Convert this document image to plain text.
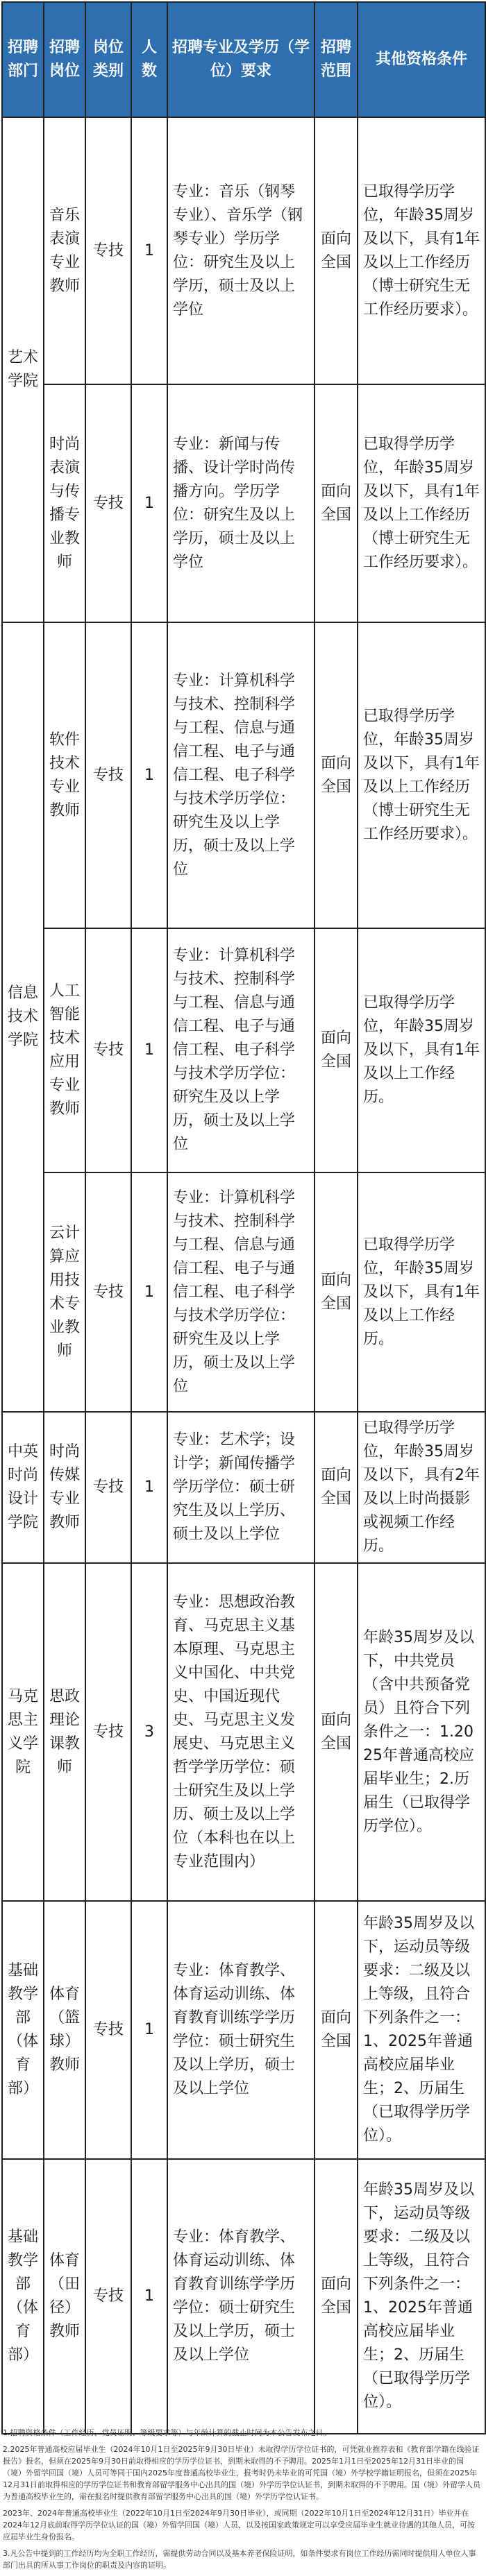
招聘部门	招聘岗位	岗位类别	人数	招聘专业及学历（学位）要求	招聘范围	其他资格条件
艺术学院	音乐表演专业教师	专技	1	专业：音乐（钢琴专业）、音乐学（钢琴专业）学历学位：研究生及以上学历，硕士及以上学位	面向全国	已取得学历学位，年龄35周岁及以下，具有1年及以上工作经历（博士研究生无工作经历要求）。
	时尚表演与传播专业教师	专技	1	专业：新闻与传播、设计学时尚传播方向。学历学位：研究生及以上学历，硕士及以上学位	面向全国	已取得学历学位，年龄35周岁及以下，具有1年及以上工作经历（博士研究生无工作经历要求）。
信息技术学院	软件技术专业教师	专技	1	专业：计算机科学与技术、控制科学与工程、信息与通信工程、电子与通信工程、电子科学与技术学历学位：研究生及以上学历，硕士及以上学位	面向全国	已取得学历学位，年龄35周岁及以下，具有1年及以上工作经历（博士研究生无工作经历要求）。
	人工智能技术应用专业教师	专技	1	专业：计算机科学与技术、控制科学与工程、信息与通信工程、电子与通信工程、电子科学与技术学历学位：研究生及以上学历，硕士及以上学位	面向全国	已取得学历学位，年龄35周岁及以下，具有1年及以上工作经历。
	云计算应用技术专业教师	专技	1	专业：计算机科学与技术、控制科学与工程、信息与通信工程、电子与通信工程、电子科学与技术学历学位：研究生及以上学历，硕士及以上学位	面向全国	已取得学历学位，年龄35周岁及以下，具有1年及以上工作经历。
中英时尚设计学院	时尚传媒专业教师	专技	1	专业：艺术学；设计学；新闻传播学学历学位：硕士研究生及以上学历、硕士及以上学位	面向全国	已取得学历学位，年龄35周岁及以下，具有2年及以上时尚摄影或视频工作经历。
马克思主义学院	思政理论课教师	专技	3	专业：思想政治教育、马克思主义基本原理、马克思主义中国化、中共党史、中国近现代史、马克思主义发展史、马克思主义哲学学历学位：硕士研究生及以上学历、硕士及以上学位（本科也在以上专业范围内）	面向全国	年龄35周岁及以下，中共党员（含中共预备党员）且符合下列条件之一：1.2025年普通高校应届毕业生；2.历届生（已取得学历学位）。
基础教学部（体育部）	体育（篮球）教师	专技	1	专业：体育教学、体育运动训练、体育教育训练学学历学位：硕士研究生及以上学历，硕士及以上学位	面向全国	年龄35周岁及以下，运动员等级要求：二级及以上等级，且符合下列条件之一：1、2025年普通高校应届毕业生；2、历届生（已取得学历学位）。
基础教学部（体育部）	体育（田径）教师	专技	1	专业：体育教学、体育运动训练、体育教育训练学学历学位：硕士研究生及以上学历，硕士及以上学位	面向全国	年龄35周岁及以下，运动员等级要求：二级及以上等级，且符合下列条件之一：1、2025年普通高校应届毕业生；2、历届生（已取得学历学位）。

1.招聘资格条件（工作经历、党员证明、等级要求等）与年龄计算的截止时间为本公告发布之日。

2.2025年普通高校应届毕业生（2024年10月1日至2025年9月30日毕业）未取得学历学位证书的，可凭就业推荐表和《教育部学籍在线验证报告》报名，但须在2025年9月30日前取得相应的学历学位证书，到期未取得的不予聘用。2025年1月1日至2025年12月31日毕业的国（境）外留学回国（境）人员可等同于国内2025年度普通高校毕业生，报考时仍未毕业的可凭国（境）外学校学籍证明报名，但须在2025年12月31日前取得相应的学历学位证书和教育部留学服务中心出具的国（境）外学历学位认证书，到期未取得的不予聘用。国（境）外留学人员为普通高校毕业生的，需在报名时提供教育部留学服务中心出具的国（境）外学历学位认证书。

2023年、2024年普通高校毕业生（2022年10月1日至2024年9月30日毕业），或同期（2022年10月1日至2024年12月31日）毕业并在2024年12月底前取得学历学位认证的国（境）外留学回国（境）人员，以及按国家政策规定可以享受应届毕业生就业待遇的其他人员，可按应届毕业生身份报名。

3.凡公告中提到的工作经历均为全职工作经历，需提供劳动合同以及基本养老保险证明，如条件要求有岗位工作经历需同时提供用人单位人事部门出具的所从事工作岗位的职责及内容的证明。
